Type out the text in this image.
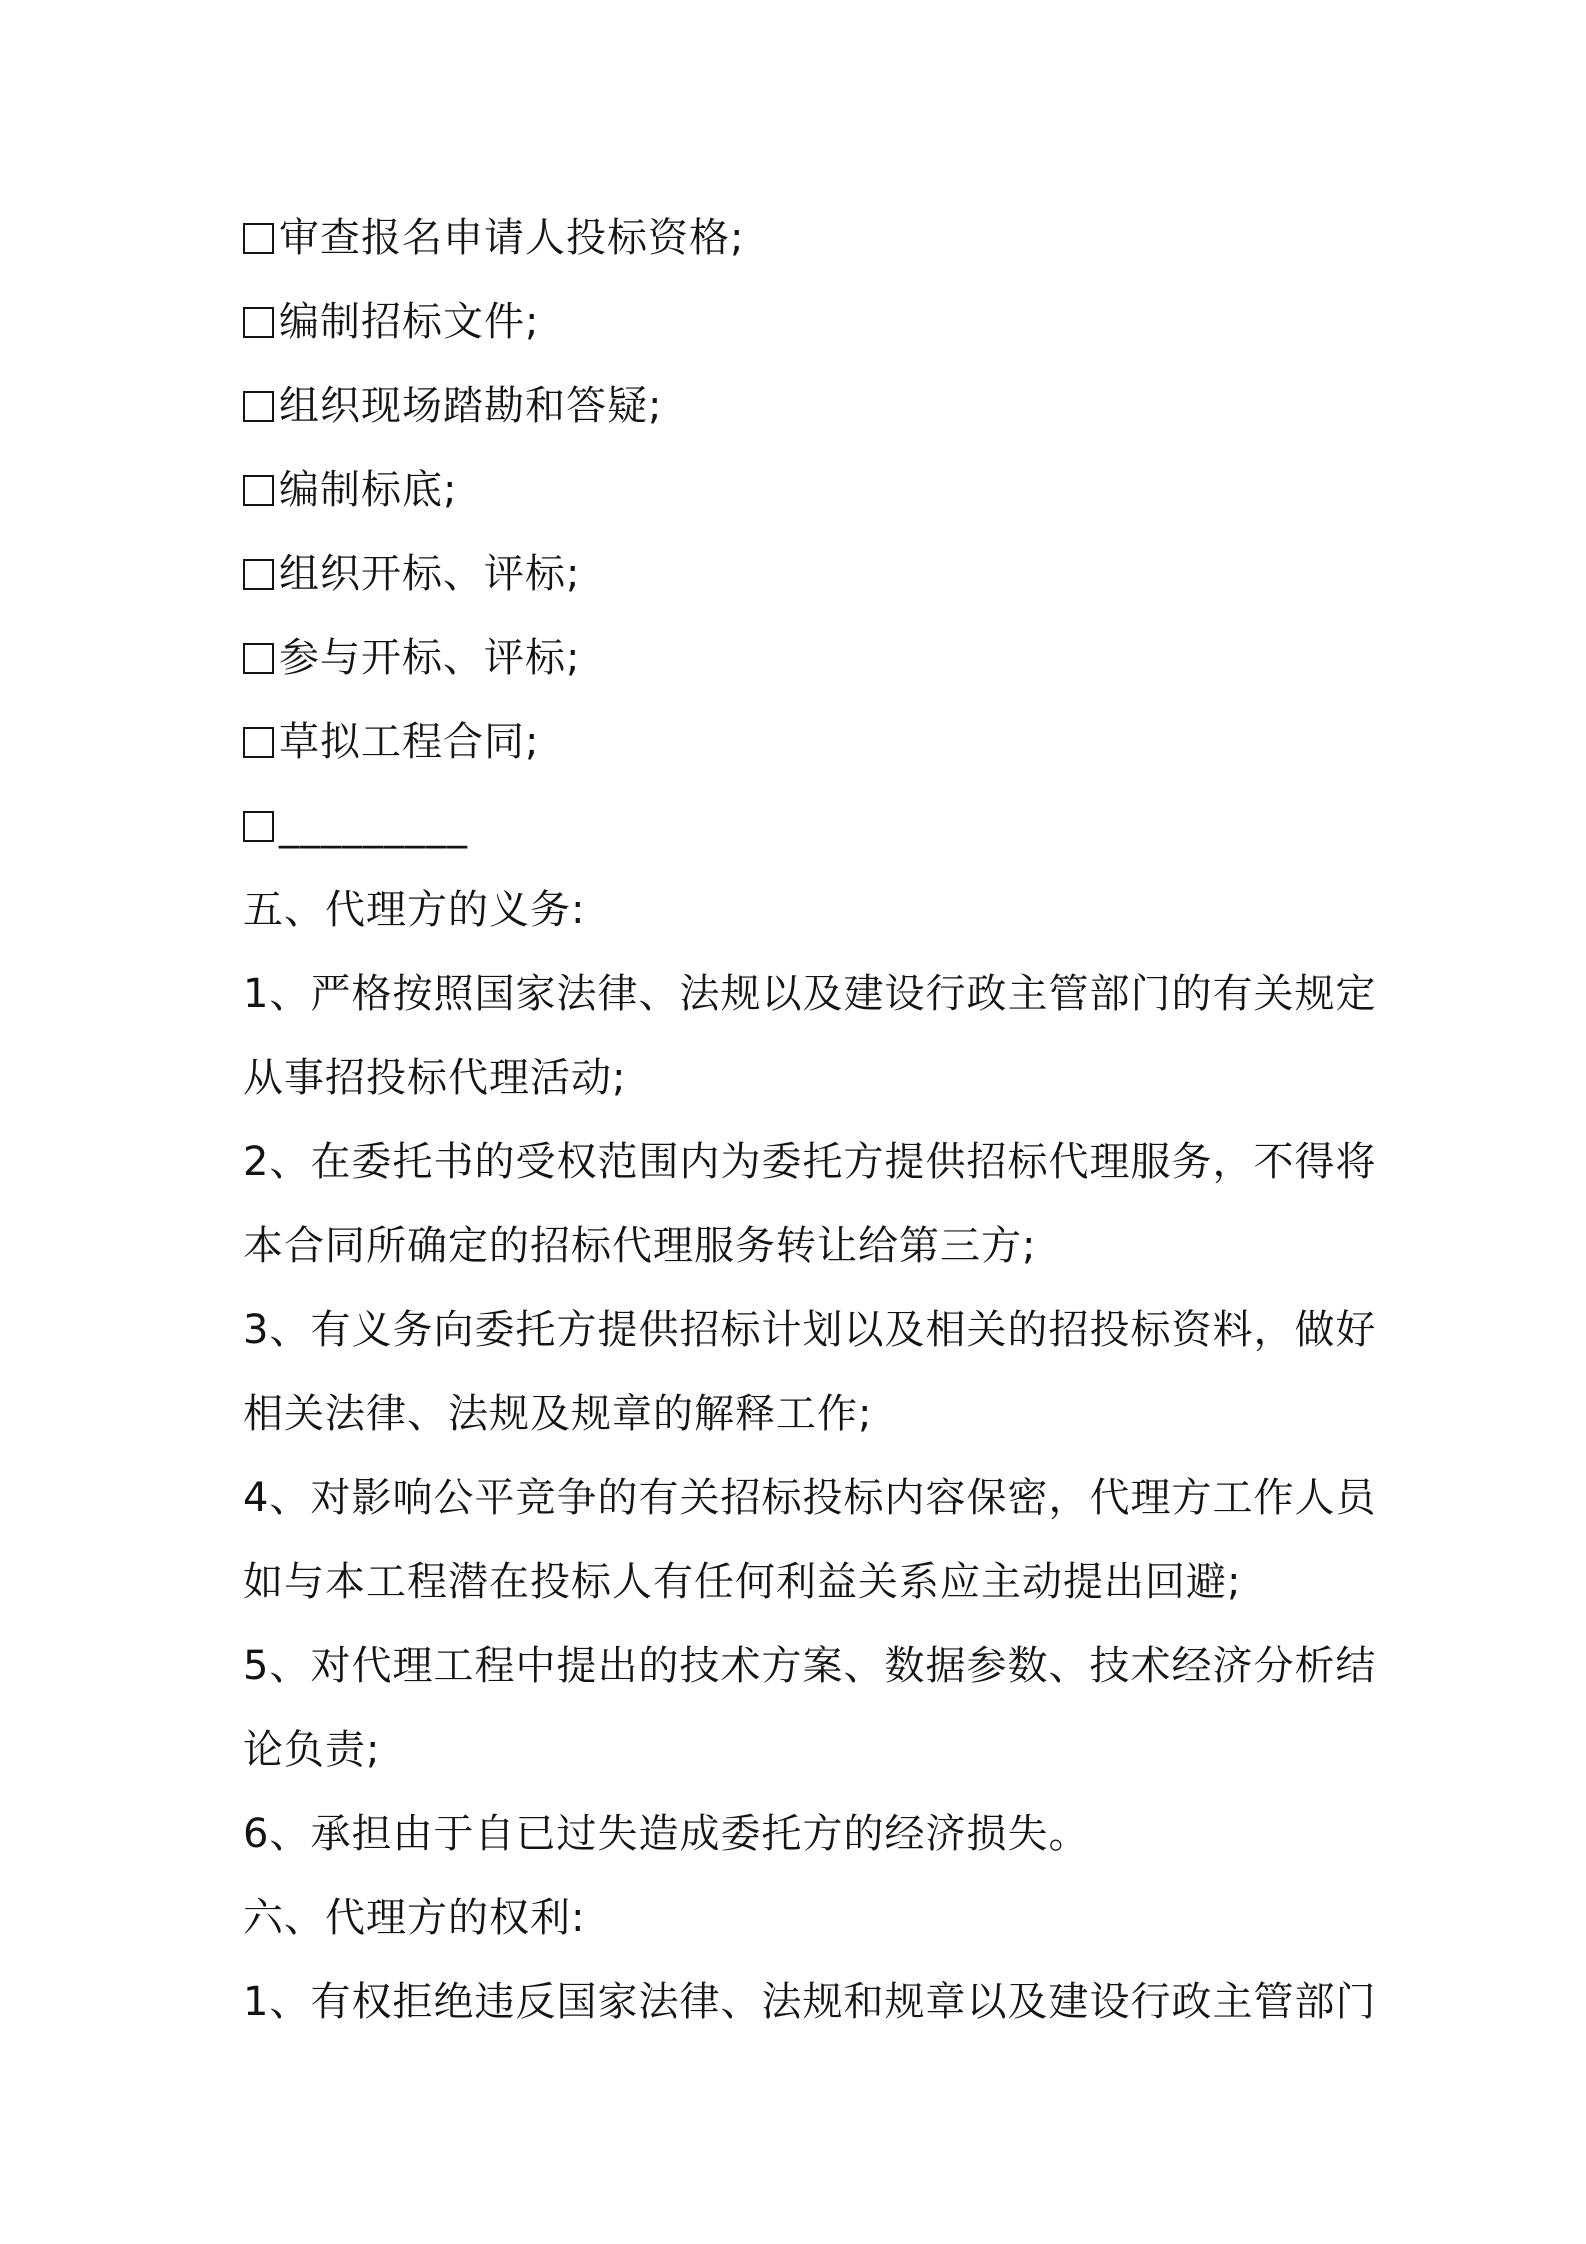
审查报名申请人投标资格;
编制招标文件;
组织现场踏勘和答疑;
编制标底;
组织开标、评标;
参与开标、评标;
草拟工程合同;
_________
五、代理方的义务:
1、严格按照国家法律、法规以及建设行政主管部门的有关规定
从事招投标代理活动;
2、在委托书的受权范围内为委托方提供招标代理服务，不得将
本合同所确定的招标代理服务转让给第三方;
3、有义务向委托方提供招标计划以及相关的招投标资料，做好
相关法律、法规及规章的解释工作;
4、对影响公平竞争的有关招标投标内容保密，代理方工作人员
如与本工程潜在投标人有任何利益关系应主动提出回避;
5、对代理工程中提出的技术方案、数据参数、技术经济分析结
论负责;
6、承担由于自已过失造成委托方的经济损失。
六、代理方的权利:
1、有权拒绝违反国家法律、法规和规章以及建设行政主管部门
